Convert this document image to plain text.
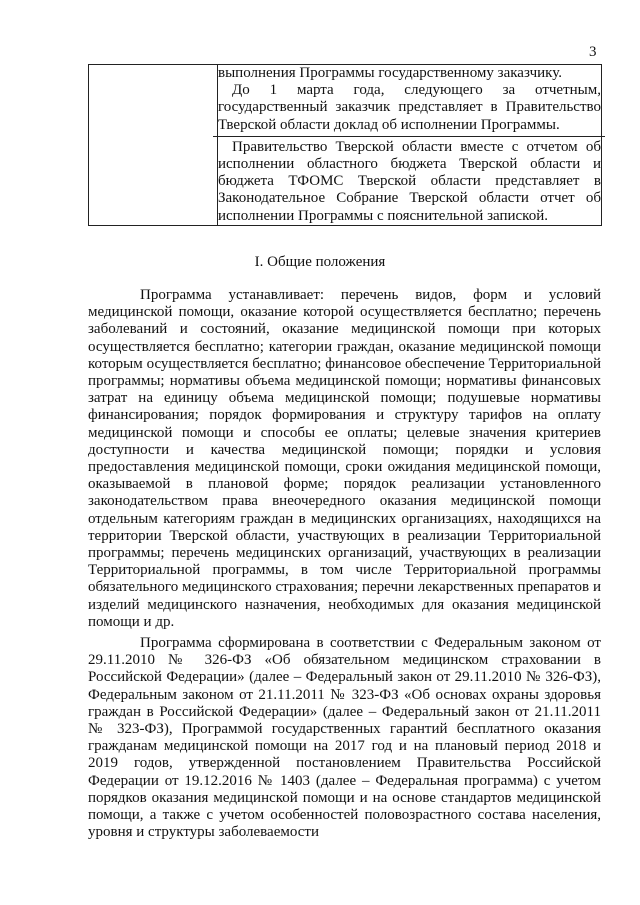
3

выполнения Программы государственному заказчику.

До 1 марта года, следующего за отчетным, государственный заказчик представляет в Правительство Тверской области доклад об исполнении Программы.

Правительство Тверской области вместе с отчетом об исполнении областного бюджета Тверской области и бюджета ТФОМС Тверской области представляет в Законодательное Собрание Тверской области отчет об исполнении Программы с пояснительной запиской.

I. Общие положения

Программа устанавливает: перечень видов, форм и условий медицинской помощи, оказание которой осуществляется бесплатно; перечень заболеваний и состояний, оказание медицинской помощи при которых осуществляется бесплатно; категории граждан, оказание медицинской помощи которым осуществляется бесплатно; финансовое обеспечение Территориальной программы; нормативы объема медицинской помощи; нормативы финансовых затрат на единицу объема медицинской помощи; подушевые нормативы финансирования; порядок формирования и структуру тарифов на оплату медицинской помощи и способы ее оплаты; целевые значения критериев доступности и качества медицинской помощи; порядки и условия предоставления медицинской помощи, сроки ожидания медицинской помощи, оказываемой в плановой форме; порядок реализации установленного законодательством права внеочередного оказания медицинской помощи отдельным категориям граждан в медицинских организациях, находящихся на территории Тверской области, участвующих в реализации Территориальной программы; перечень медицинских организаций, участвующих в реализации Территориальной программы, в том числе Территориальной программы обязательного медицинского страхования; перечни лекарственных препаратов и изделий медицинского назначения, необходимых для оказания медицинской помощи и др.

Программа сформирована в соответствии с Федеральным законом от 29.11.2010 № 326-ФЗ «Об обязательном медицинском страховании в Российской Федерации» (далее – Федеральный закон от 29.11.2010 № 326-ФЗ), Федеральным законом от 21.11.2011 № 323-ФЗ «Об основах охраны здоровья граждан в Российской Федерации» (далее – Федеральный закон от 21.11.2011 № 323-ФЗ), Программой государственных гарантий бесплатного оказания гражданам медицинской помощи на 2017 год и на плановый период 2018 и 2019 годов, утвержденной постановлением Правительства Российской Федерации от 19.12.2016 № 1403 (далее – Федеральная программа) с учетом порядков оказания медицинской помощи и на основе стандартов медицинской помощи, а также с учетом особенностей половозрастного состава населения, уровня и структуры заболеваемости
